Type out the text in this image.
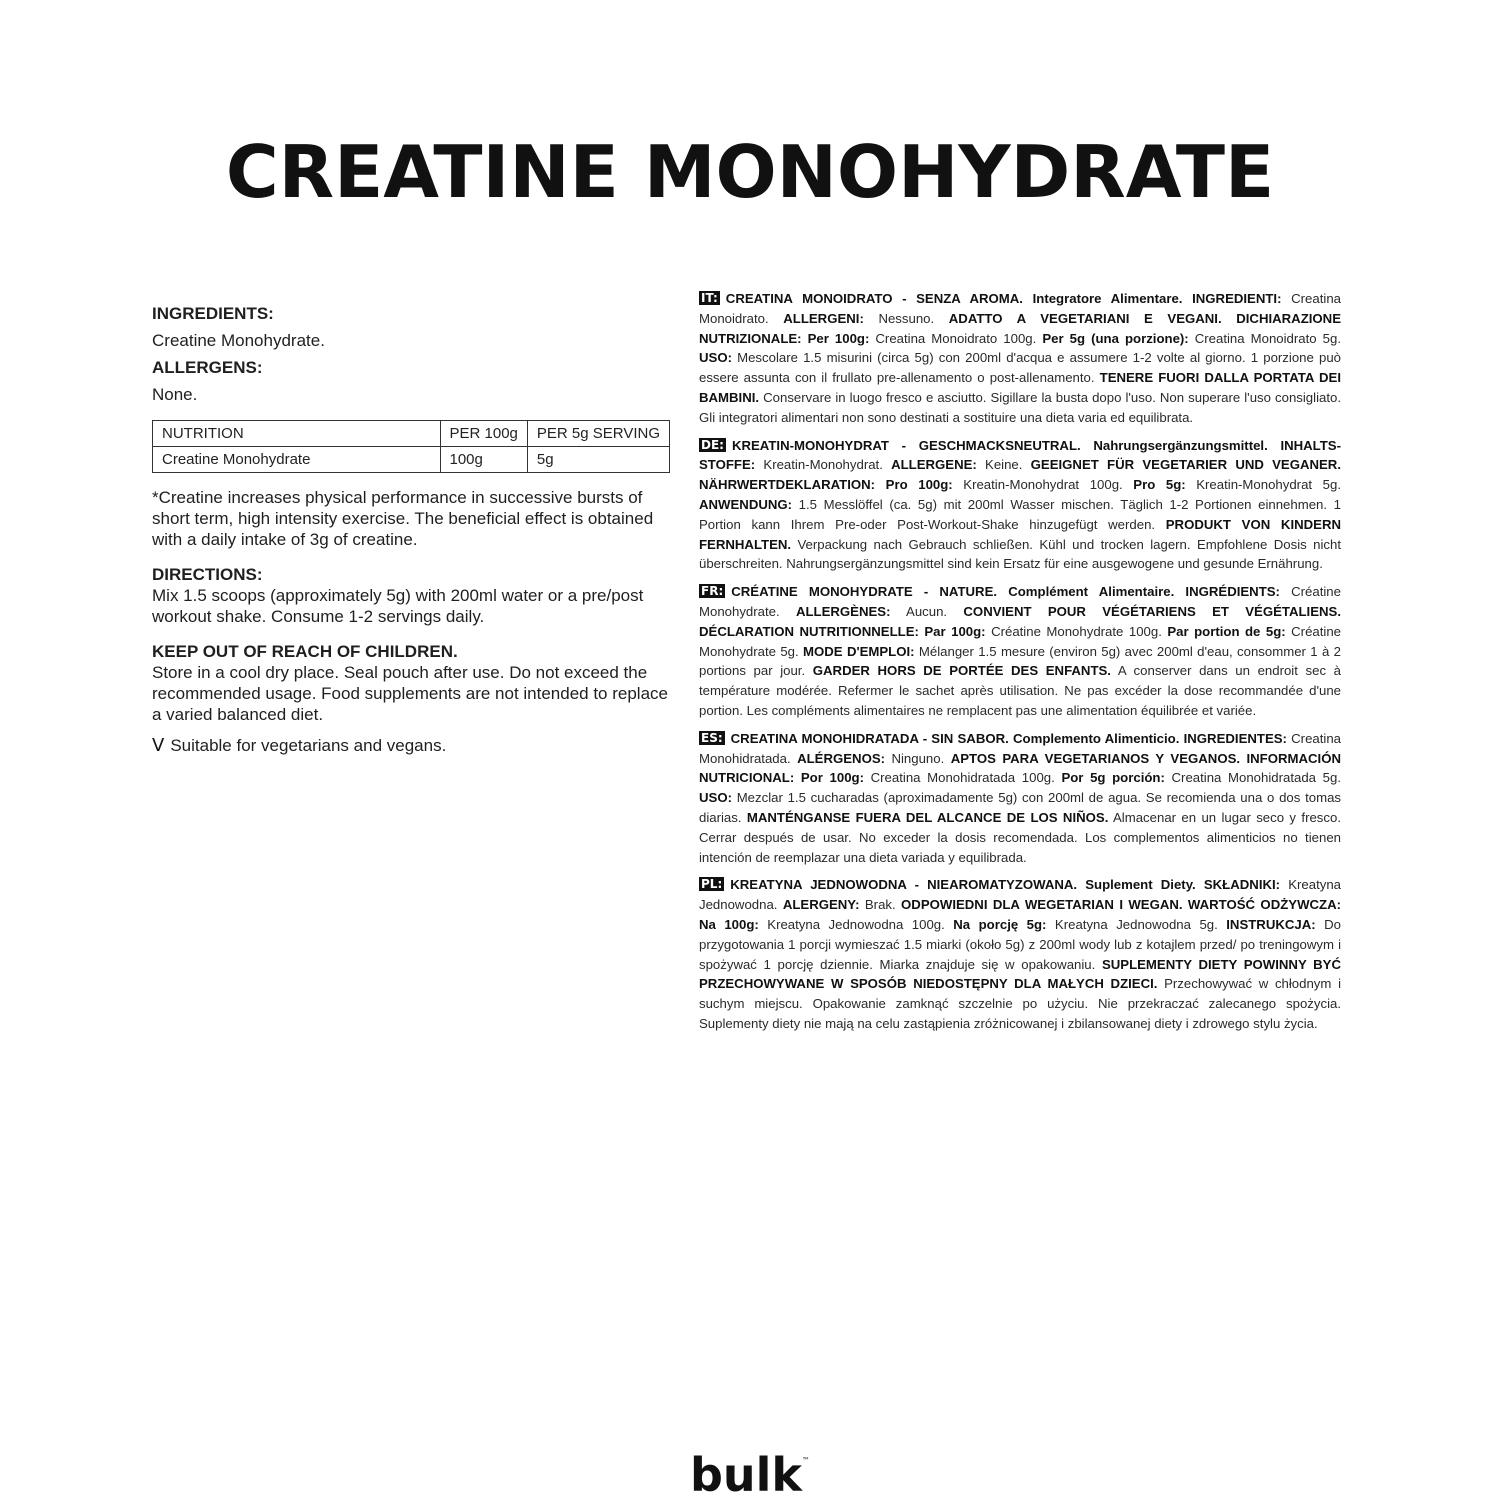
CREATINE MONOHYDRATE

INGREDIENTS:

Creatine Monohydrate.

ALLERGENS:

None.

NUTRITION	PER 100g	PER 5g SERVING
Creatine Monohydrate	100g	5g

*Creatine increases physical performance in successive bursts of short term, high intensity exercise. The beneficial effect is obtained with a daily intake of 3g of creatine.

DIRECTIONS:

Mix 1.5 scoops (approximately 5g) with 200ml water or a pre/post workout shake. Consume 1-2 servings daily.

KEEP OUT OF REACH OF CHILDREN.

Store in a cool dry place. Seal pouch after use. Do not exceed the recommended usage. Food supplements are not intended to replace a varied balanced diet.

ᐯ Suitable for vegetarians and vegans.

IT: CREATINA MONOIDRATO - SENZA AROMA. Integratore Alimentare. INGREDIENTI: Creatina Monoidrato. ALLERGENI: Nessuno. ADATTO A VEGETARIANI E VEGANI. DICHIARAZIONE NUTRIZIONALE: Per 100g: Creatina Monoidrato 100g. Per 5g (una porzione): Creatina Monoidrato 5g. USO: Mescolare 1.5 misurini (circa 5g) con 200ml d'acqua e assumere 1-2 volte al giorno. 1 porzione può essere assunta con il frullato pre-allenamento o post-allenamento. TENERE FUORI DALLA PORTATA DEI BAMBINI. Conservare in luogo fresco e asciutto. Sigillare la busta dopo l'uso. Non superare l'uso consigliato. Gli integratori alimentari non sono destinati a sostituire una dieta varia ed equilibrata.

DE: KREATIN-MONOHYDRAT - GESCHMACKSNEUTRAL. Nahrungsergänzungsmittel. INHALTS-STOFFE: Kreatin-Monohydrat. ALLERGENE: Keine. GEEIGNET FÜR VEGETARIER UND VEGANER. NÄHRWERTDEKLARATION: Pro 100g: Kreatin-Monohydrat 100g. Pro 5g: Kreatin-Monohydrat 5g. ANWENDUNG: 1.5 Messlöffel (ca. 5g) mit 200ml Wasser mischen. Täglich 1-2 Portionen einnehmen. 1 Portion kann Ihrem Pre-oder Post-Workout-Shake hinzugefügt werden. PRODUKT VON KINDERN FERNHALTEN. Verpackung nach Gebrauch schließen. Kühl und trocken lagern. Empfohlene Dosis nicht überschreiten. Nahrungsergänzungsmittel sind kein Ersatz für eine ausgewogene und gesunde Ernährung.

FR: CRÉATINE MONOHYDRATE - NATURE. Complément Alimentaire. INGRÉDIENTS: Créatine Monohydrate. ALLERGÈNES: Aucun. CONVIENT POUR VÉGÉTARIENS ET VÉGÉTALIENS. DÉCLARATION NUTRITIONNELLE: Par 100g: Créatine Monohydrate 100g. Par portion de 5g: Créatine Monohydrate 5g. MODE D'EMPLOI: Mélanger 1.5 mesure (environ 5g) avec 200ml d'eau, consommer 1 à 2 portions par jour. GARDER HORS DE PORTÉE DES ENFANTS. A conserver dans un endroit sec à température modérée. Refermer le sachet après utilisation. Ne pas excéder la dose recommandée d'une portion. Les compléments alimentaires ne remplacent pas une alimentation équilibrée et variée.

ES: CREATINA MONOHIDRATADA - SIN SABOR. Complemento Alimenticio. INGREDIENTES: Creatina Monohidratada. ALÉRGENOS: Ninguno. APTOS PARA VEGETARIANOS Y VEGANOS. INFORMACIÓN NUTRICIONAL: Por 100g: Creatina Monohidratada 100g. Por 5g porción: Creatina Monohidratada 5g. USO: Mezclar 1.5 cucharadas (aproximadamente 5g) con 200ml de agua. Se recomienda una o dos tomas diarias. MANTÉNGANSE FUERA DEL ALCANCE DE LOS NIÑOS. Almacenar en un lugar seco y fresco. Cerrar después de usar. No exceder la dosis recomendada. Los complementos alimenticios no tienen intención de reemplazar una dieta variada y equilibrada.

PL: KREATYNA JEDNOWODNA - NIEAROMATYZOWANA. Suplement Diety. SKŁADNIKI: Kreatyna Jednowodna. ALERGENY: Brak. ODPOWIEDNI DLA WEGETARIAN I WEGAN. WARTOŚĆ ODŻYWCZA: Na 100g: Kreatyna Jednowodna 100g. Na porcję 5g: Kreatyna Jednowodna 5g. INSTRUKCJA: Do przygotowania 1 porcji wymieszać 1.5 miarki (około 5g) z 200ml wody lub z kotajlem przed/ po treningowym i spożywać 1 porcję dziennie. Miarka znajduje się w opakowaniu. SUPLEMENTY DIETY POWINNY BYĆ PRZECHOWYWANE W SPOSÓB NIEDOSTĘPNY DLA MAŁYCH DZIECI. Przechowywać w chłodnym i suchym miejscu. Opakowanie zamknąć szczelnie po użyciu. Nie przekraczać zalecanego spożycia. Suplementy diety nie mają na celu zastąpienia zróżnicowanej i zbilansowanej diety i zdrowego stylu życia.

bulk™
